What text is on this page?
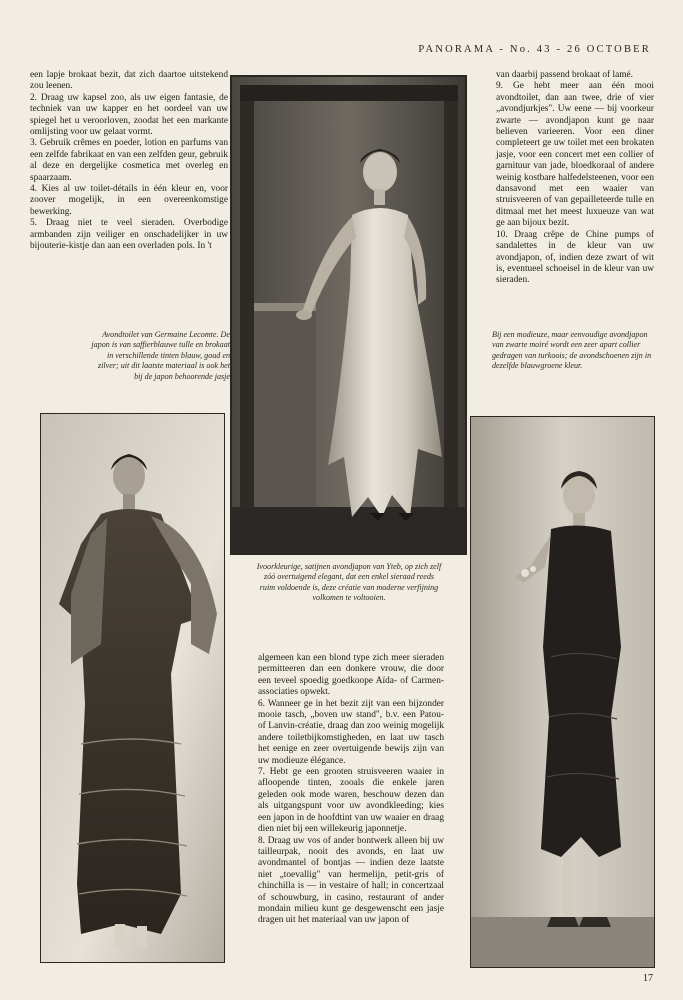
PANORAMA - No. 43 - 26 OCTOBER

een lapje brokaat bezit, dat zich daartoe uitstekend zou leenen.

2. Draag uw kapsel zoo, als uw eigen fantasie, de techniek van uw kapper en het oordeel van uw spiegel het u veroorloven, zoodat het een markante omlijsting voor uw gelaat vormt.

3. Gebruik crêmes en poeder, lotion en parfums van een zelfde fabrikaat en van een zelfden geur, gebruik al deze en dergelijke cosmetica met overleg en spaarzaam.

4. Kies al uw toilet-détails in één kleur en, voor zoover mogelijk, in een overeenkomstige bewerking.

5. Draag niet te veel sieraden. Overbodige armbanden zijn veiliger en onschadelijker in uw bijouterie-kistje dan aan een overladen pols. In 't

van daarbij passend brokaat of lamé.

9. Ge hebt meer aan één mooi avondtoilet, dan aan twee, drie of vier „avondjurkjes". Uw eene — bij voorkeur zwarte — avondjapon kunt ge naar believen varieeren. Voor een diner completeert ge uw toilet met een brokaten jasje, voor een concert met een collier of garnituur van jade, bloedkoraal of andere weinig kostbare halfedelsteenen, voor een dansavond met een waaier van struisveeren of van gepailleteerde tulle en ditmaal met het meest luxueuze van wat ge aan bijoux bezit.

10. Draag crêpe de Chine pumps of sandalettes in de kleur van uw avondjapon, of, indien deze zwart of wit is, eventueel schoeisel in de kleur van uw sieraden.

Avondtoilet van Germaine Lecomte. De japon is van saffierblauwe tulle en brokaat in verschillende tinten blauw, goud en zilver; uit dit laatste materiaal is ook het bij de japon behoorende jasje
Bij een modieuze, maar eenvoudige avondjapon van zwarte moiré wordt een zeer apart collier gedragen van turkoois; de avondschoenen zijn in dezelfde blauwgroene kleur.
Ivoorkleurige, satijnen avondjapon van Yteb, op zich zelf zóó overtuigend elegant, dat een enkel sieraad reeds ruim voldoende is, deze créatie van moderne verfijning volkomen te voltooien.

algemeen kan een blond type zich meer sieraden permitteeren dan een donkere vrouw, die door een teveel spoedig goedkoope Aïda- of Carmen-associaties opwekt.

6. Wanneer ge in het bezit zijt van een bijzonder mooie tasch, „boven uw stand", b.v. een Patou- of Lanvin-créatie, draag dan zoo weinig mogelijk andere toiletbijkomstigheden, en laat uw tasch het eenige en zeer overtuigende bewijs zijn van uw modieuze élégance.

7. Hebt ge een grooten struisveeren waaier in afloopende tinten, zooals die enkele jaren geleden ook mode waren, beschouw dezen dan als uitgangspunt voor uw avondkleeding; kies een japon in de hoofdtint van uw waaier en draag dien niet bij een willekeurig japonnetje.

8. Draag uw vos of ander bontwerk alleen bij uw tailleurpak, nooit des avonds, en laat uw avondmantel of bontjas — indien deze laatste niet „toevallig" van hermelijn, petit-gris of chinchilla is — in vestaire of hall; in concertzaal of schouwburg, in casino, restaurant of ander mondain milieu kunt ge desgewenscht een jasje dragen uit het materiaal van uw japon of

17
